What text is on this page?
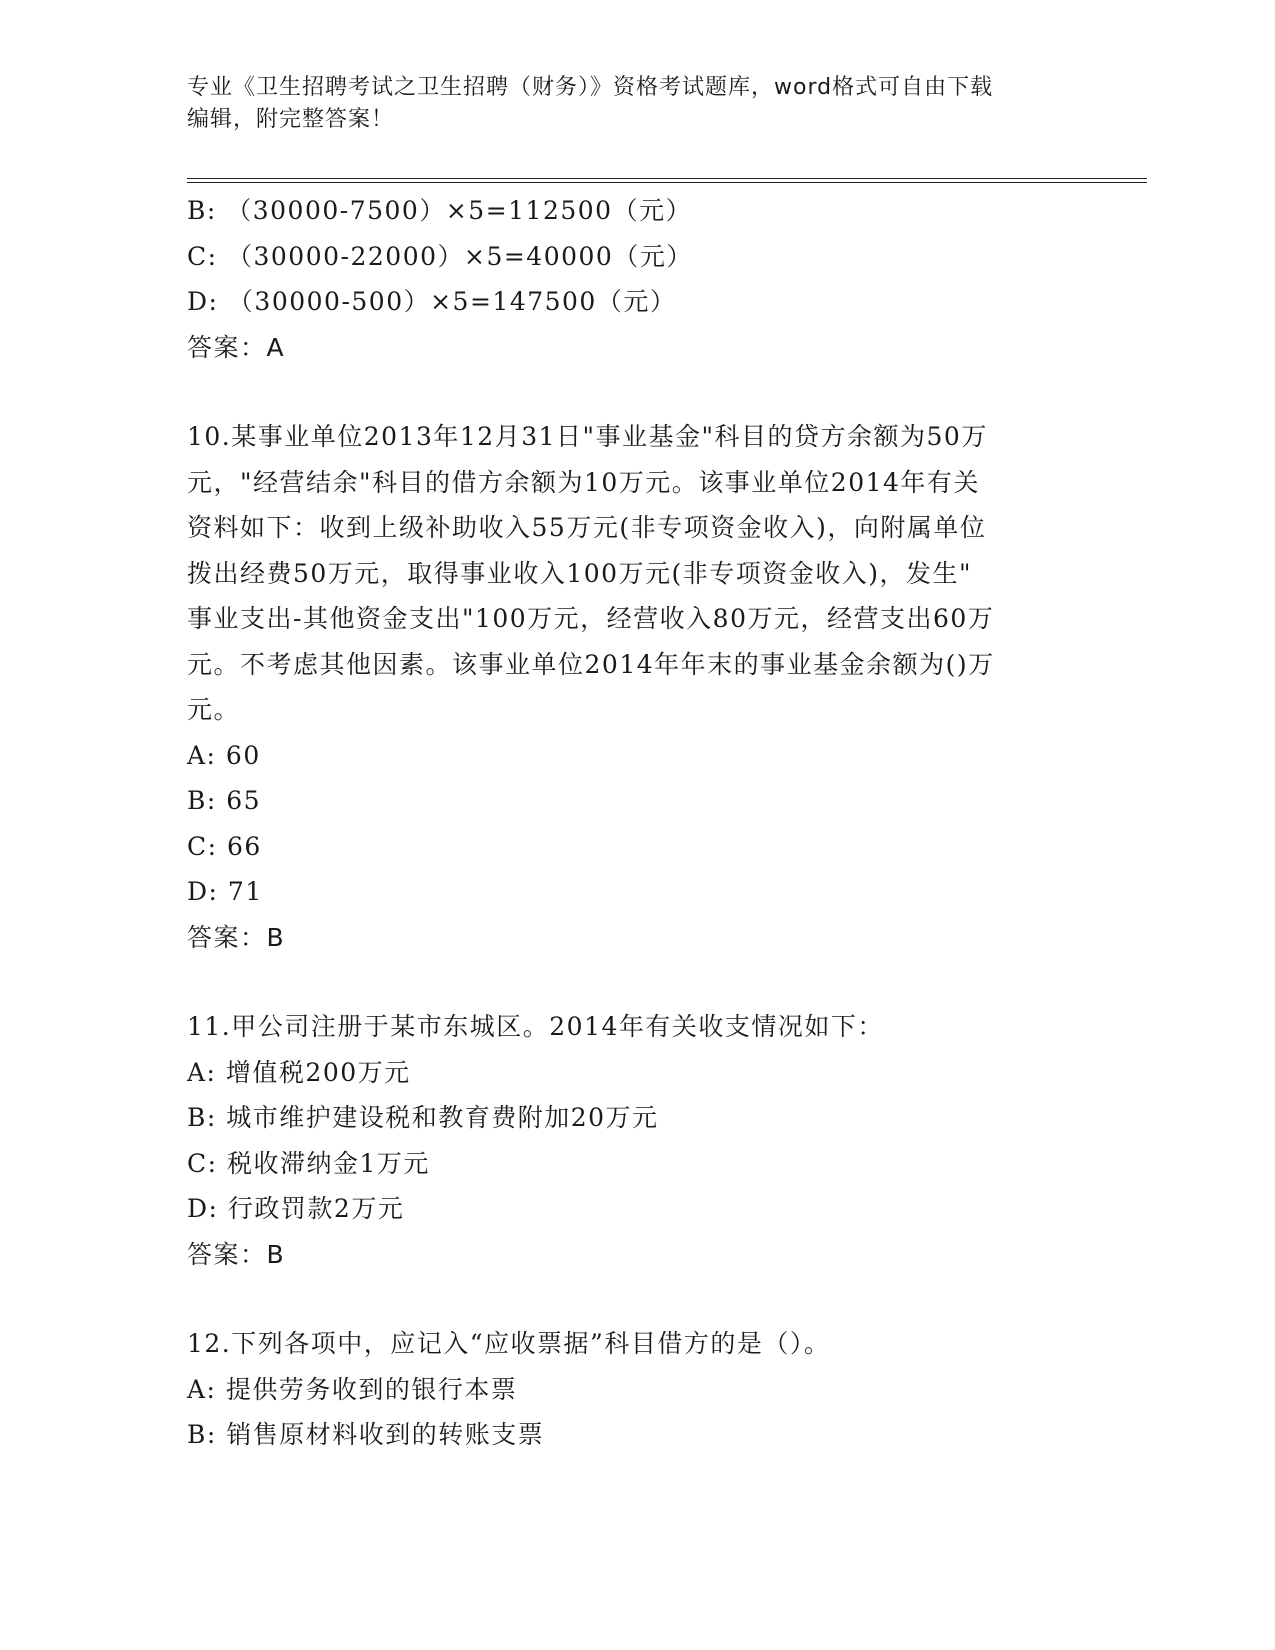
专业《卫生招聘考试之卫生招聘（财务）》资格考试题库，word格式可自由下载
编辑，附完整答案！
B: （30000-7500）×5=112500（元）
C: （30000-22000）×5=40000（元）
D: （30000-500）×5=147500（元）
答案：A
10.某事业单位2013年12月31日"事业基金"科目的贷方余额为50万
元，"经营结余"科目的借方余额为10万元。该事业单位2014年有关
资料如下：收到上级补助收入55万元(非专项资金收入)，向附属单位
拨出经费50万元，取得事业收入100万元(非专项资金收入)，发生"
事业支出-其他资金支出"100万元，经营收入80万元，经营支出60万
元。不考虑其他因素。该事业单位2014年年末的事业基金余额为()万
元。
A: 60
B: 65
C: 66
D: 71
答案：B
11.甲公司注册于某市东城区。2014年有关收支情况如下：
A: 增值税200万元
B: 城市维护建设税和教育费附加20万元
C: 税收滞纳金1万元
D: 行政罚款2万元
答案：B
12.下列各项中，应记入“应收票据”科目借方的是（）。
A: 提供劳务收到的银行本票
B: 销售原材料收到的转账支票
